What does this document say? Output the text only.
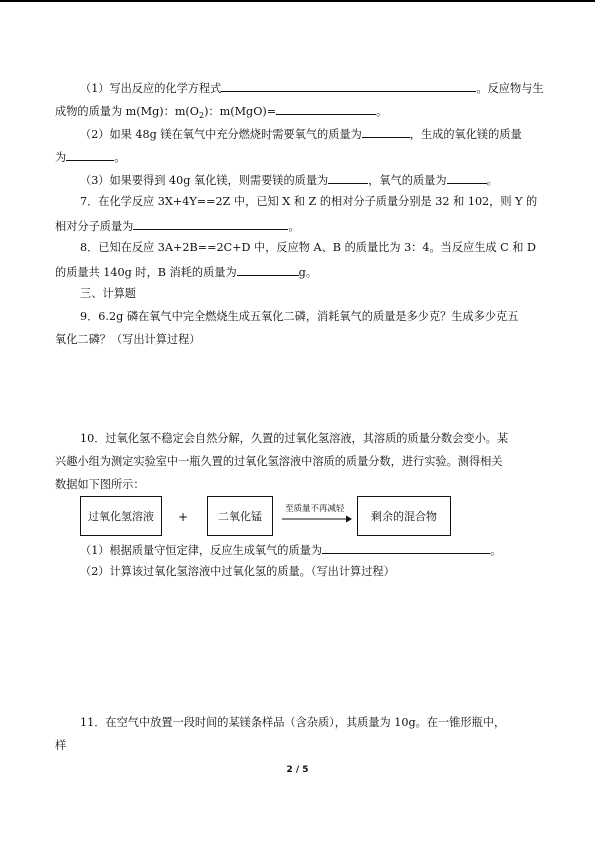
（1）写出反应的化学方程式	。反应物与生
成物的质量为 m(Mg)：$m(O_2)$：m(MgO)=	。
（2）如果 48g 镁在氧气中充分燃烧时需要氧气的质量为	，生成的氧化镁的质量
为	。
（3）如果要得到 40g 氧化镁，则需要镁的质量为	，氧气的质量为	。
7．在化学反应 3X+4Y==2Z 中，已知 X 和 Z 的相对分子质量分别是 32 和 102，则 Y 的
相对分子质量为	。
8．已知在反应 3A+2B==2C+D 中，反应物 A、B 的质量比为 3：4。当反应生成 C 和 D
的质量共 140g 时，B 消耗的质量为	g。
三、计算题
9．6.2g 磷在氧气中完全燃烧生成五氧化二磷，消耗氧气的质量是多少克？生成多少克五
氧化二磷？（写出计算过程）
10．过氧化氢不稳定会自然分解，久置的过氧化氢溶液，其溶质的质量分数会变小。某
兴趣小组为测定实验室中一瓶久置的过氧化氢溶液中溶质的质量分数，进行实验。测得相关
数据如下图所示：
过氧化氢溶液 +	二氧化锰
至质量不再减轻
剩余的混合物
（1）根据质量守恒定律，反应生成氧气的质量为	。
（2）计算该过氧化氢溶液中过氧化氢的质量。（写出计算过程）
11．在空气中放置一段时间的某镁条样品（含杂质），其质量为 10g。在一锥形瓶中，
样
2 / 5
